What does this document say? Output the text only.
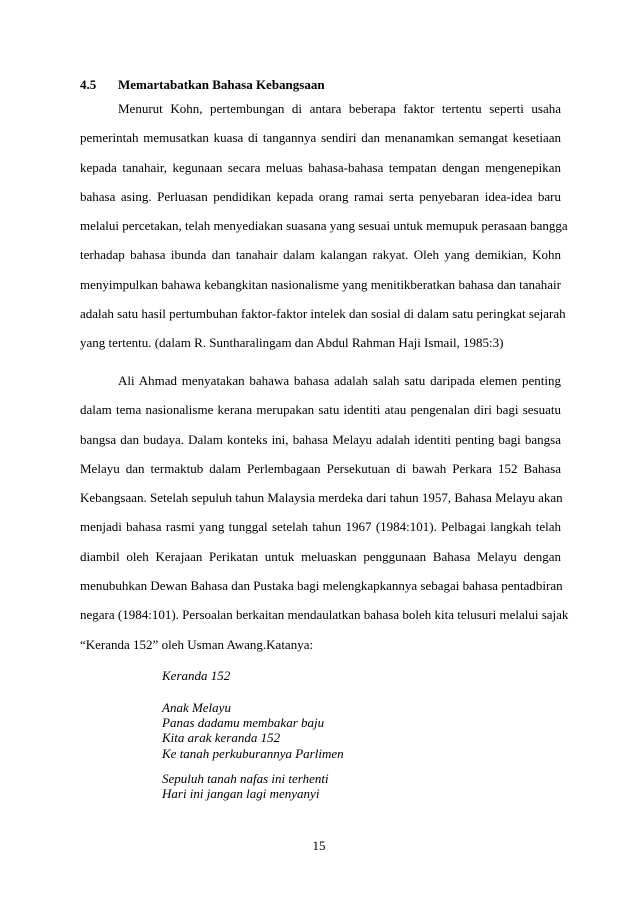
4.5 Memartabatkan Bahasa Kebangsaan
Menurut Kohn, pertembungan di antara beberapa faktor tertentu seperti usaha
pemerintah memusatkan kuasa di tangannya sendiri dan menanamkan semangat kesetiaan
kepada tanahair, kegunaan secara meluas bahasa-bahasa tempatan dengan mengenepikan
bahasa asing. Perluasan pendidikan kepada orang ramai serta penyebaran idea-idea baru
melalui percetakan, telah menyediakan suasana yang sesuai untuk memupuk perasaan bangga
terhadap bahasa ibunda dan tanahair dalam kalangan rakyat. Oleh yang demikian, Kohn
menyimpulkan bahawa kebangkitan nasionalisme yang menitikberatkan bahasa dan tanahair
adalah satu hasil pertumbuhan faktor-faktor intelek dan sosial di dalam satu peringkat sejarah
yang tertentu. (dalam R. Suntharalingam dan Abdul Rahman Haji Ismail, 1985:3)
Ali Ahmad menyatakan bahawa bahasa adalah salah satu daripada elemen penting
dalam tema nasionalisme kerana merupakan satu identiti atau pengenalan diri bagi sesuatu
bangsa dan budaya. Dalam konteks ini, bahasa Melayu adalah identiti penting bagi bangsa
Melayu dan termaktub dalam Perlembagaan Persekutuan di bawah Perkara 152 Bahasa
Kebangsaan. Setelah sepuluh tahun Malaysia merdeka dari tahun 1957, Bahasa Melayu akan
menjadi bahasa rasmi yang tunggal setelah tahun 1967 (1984:101). Pelbagai langkah telah
diambil oleh Kerajaan Perikatan untuk meluaskan penggunaan Bahasa Melayu dengan
menubuhkan Dewan Bahasa dan Pustaka bagi melengkapkannya sebagai bahasa pentadbiran
negara (1984:101). Persoalan berkaitan mendaulatkan bahasa boleh kita telusuri melalui sajak
“Keranda 152” oleh Usman Awang.Katanya:
Keranda 152
Anak Melayu
Panas dadamu membakar baju
Kita arak keranda 152
Ke tanah perkuburannya Parlimen
Sepuluh tanah nafas ini terhenti
Hari ini jangan lagi menyanyi
15
